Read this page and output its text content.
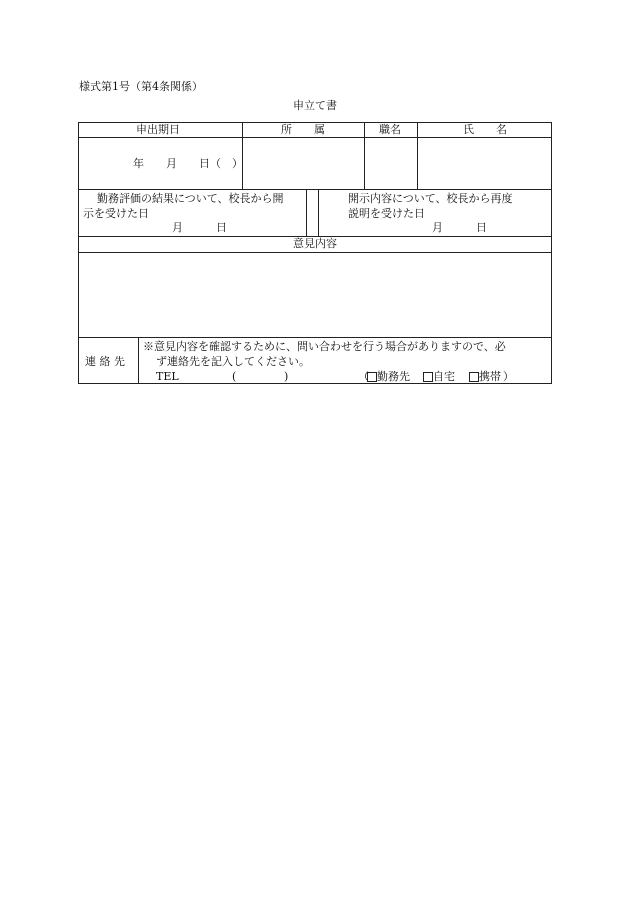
様式第1号（第4条関係）
申立て書
申出期日	所　　属	職名	氏　　名
年　　月　　日（　）
勤務評価の結果について、校長から開
示を受けた日
月　　　日
開示内容について、校長から再度
説明を受けた日
月　　　日
意見内容
連 絡 先
※意見内容を確認するために、問い合わせを行う場合がありますので、必
ず連絡先を記入してください。
TEL	(	)	（ 勤務先 自宅 携帯 ）
